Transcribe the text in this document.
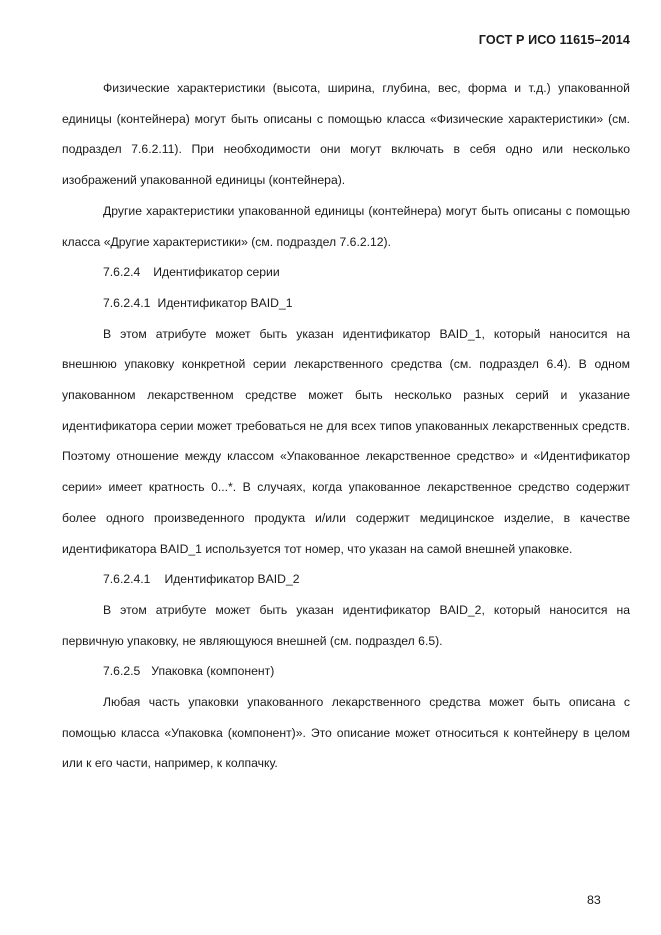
ГОСТ Р ИСО 11615–2014

Физические характеристики (высота, ширина, глубина, вес, форма и т.д.) упакованной единицы (контейнера) могут быть описаны с помощью класса «Физические характеристики» (см. подраздел 7.6.2.11). При необходимости они могут включать в себя одно или несколько изображений упакованной единицы (контейнера).

Другие характеристики упакованной единицы (контейнера) могут быть описаны с помощью класса «Другие характеристики» (см. подраздел 7.6.2.12).

7.6.2.4 Идентификатор серии

7.6.2.4.1 Идентификатор BAID_1

В этом атрибуте может быть указан идентификатор BAID_1, который наносится на внешнюю упаковку конкретной серии лекарственного средства (см. подраздел 6.4). В одном упакованном лекарственном средстве может быть несколько разных серий и указание идентификатора серии может требоваться не для всех типов упакованных лекарственных средств. Поэтому отношение между классом «Упакованное лекарственное средство» и «Идентификатор серии» имеет кратность 0...*. В случаях, когда упакованное лекарственное средство содержит более одного произведенного продукта и/или содержит медицинское изделие, в качестве идентификатора BAID_1 используется тот номер, что указан на самой внешней упаковке.

7.6.2.4.1 Идентификатор BAID_2

В этом атрибуте может быть указан идентификатор BAID_2, который наносится на первичную упаковку, не являющуюся внешней (см. подраздел 6.5).

7.6.2.5 Упаковка (компонент)

Любая часть упаковки упакованного лекарственного средства может быть описана с помощью класса «Упаковка (компонент)». Это описание может относиться к контейнеру в целом или к его части, например, к колпачку.

83
